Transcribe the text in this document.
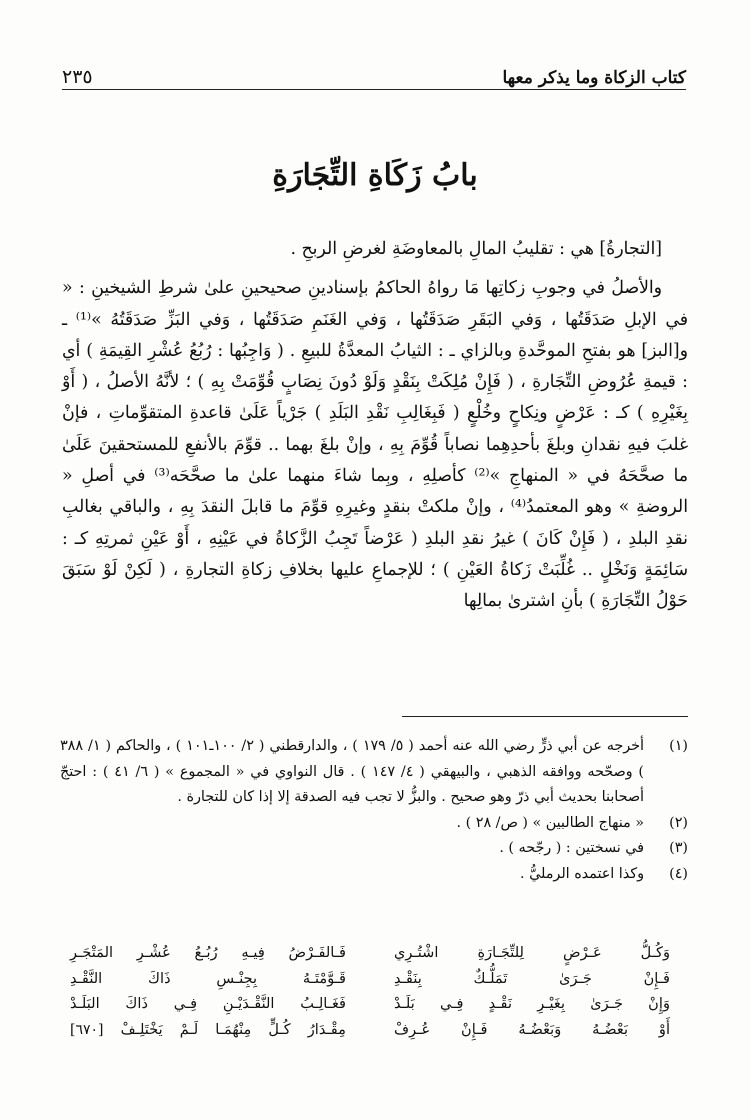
٢٣٥	كتاب الزكاة وما يذكر معها
بابُ زَكَاةِ التِّجَارَةِ

[التجارةُ] هي : تقليبُ المالِ بالمعاوضَةِ لغرضِ الربحِ .

والأصلُ في وجوبِ زكاتِها مَا رواهُ الحاكمُ بإسنادينِ صحيحينِ علىٰ شرطِ الشيخينِ : « في الإبلِ صَدَقَتُها ، وَفي البَقَرِ صَدَقَتُها ، وَفي الغَنَمِ صَدَقَتُها ، وَفي البَزِّ صَدَقَتُهُ »⁽¹⁾ ـ و[البز] هو بفتحِ الموحَّدةِ وبالزاي ـ : الثيابُ المعدَّةُ للبيعِ . ( وَاجِبُها : رُبُعُ عُشْرِ القِيمَةِ ) أي : قيمةِ عُرُوضِ التِّجَارةِ ، ( فَإِنْ مُلِكَتْ بِنَقْدٍ وَلَوْ دُونَ نِصَابٍ قُوِّمَتْ بِهِ ) ؛ لأنَّهُ الأصلُ ، ( أَوْ بِغَيْرِهِ ) كـ : عَرْضٍ ونِكاحٍ وخُلْعٍ ( فَبِغَالِبِ نَقْدِ البَلَدِ ) جَرْياً عَلَىٰ قاعدةِ المتقوِّماتِ ، فإنْ غلبَ فيهِ نقدانِ وبلغَ بأحدِهِما نصاباً قُوِّمَ بِهِ ، وإنْ بلغَ بهما .. قوِّمَ بالأنفعِ للمستحقينَ عَلَىٰ ما صحَّحَهُ في « المنهاجِ »⁽²⁾ كأصلِهِ ، وبِما شاءَ منهما علىٰ ما صحَّحَه⁽³⁾ في أصلِ « الروضةِ » وهو المعتمدُ⁽⁴⁾ ، وإنْ ملكتْ بنقدٍ وغيرِهِ قوِّمَ ما قابلَ النقدَ بِهِ ، والباقي بغالبِ نقدِ البلدِ ، ( فَإِنْ كَانَ ) غيرُ نقدِ البلدِ ( عَرْضاً تَجِبُ الزَّكاةُ في عَيْنِهِ ، أَوْ عَيْنِ ثمرتِهِ كـ : سَائِمَةٍ وَنَخْلٍ .. غُلِّبَتْ زَكاةُ العَيْنِ ) ؛ للإجماعِ عليها بخلافِ زكاةِ التجارةِ ، ( لَكِنْ لَوْ سَبَقَ حَوْلُ التِّجَارَةِ ) بأنِ اشترىٰ بمالِها

(١)
أخرجه عن أبي ذرٍّ رضي الله عنه أحمد ( ٥/ ١٧٩ ) ، والدارقطني ( ٢/ ١٠٠ـ١٠١ ) ، والحاكم ( ١/ ٣٨٨ ) وصحّحه ووافقه الذهبي ، والبيهقي ( ٤/ ١٤٧ ) . قال النواوي في « المجموع » ( ٦/ ٤١ ) : احتجّ أصحابنا بحديث أبي ذرّ وهو صحيح . والبزُّ لا تجب فيه الصدقة إلا إذا كان للتجارة .
(٢)
« منهاج الطالبين » ( ص/ ٢٨ ) .
(٣)
في نسختين : ( رجّحه ) .
(٤)
وكذا اعتمده الرمليُّ .
وَكُـلُّ عَـرْضٍ لِلتِّجَـارَةِ اشْتُـرِي
فَـالفَـرْضُ فِيـهِ رُبُـعُ عُشْـرِ المَتْجَـرِ
فَـإِنْ جَـرَىٰ تَمَلُّـكٌ بِنَقْـدِ
قَـوَّمْتَـهُ بِجِنْـسِ ذَاكَ النَّقْـدِ
وَإِنْ جَـرَىٰ بِغَيْـرِ نَقْـدٍ فِـي بَلَـدْ
فَغَـالِـبُ النَّقْـدَيْـنِ فِـي ذَاكَ البَلَـدْ
أَوْ بَعْضُـهُ وَبَعْضُـهُ فَـإِنْ عُـرِفْ
مِقْـدَارُ كُـلٍّ مِنْهُمَـا لَـمْ يَخْتَلِـفْ [٦٧٠]
